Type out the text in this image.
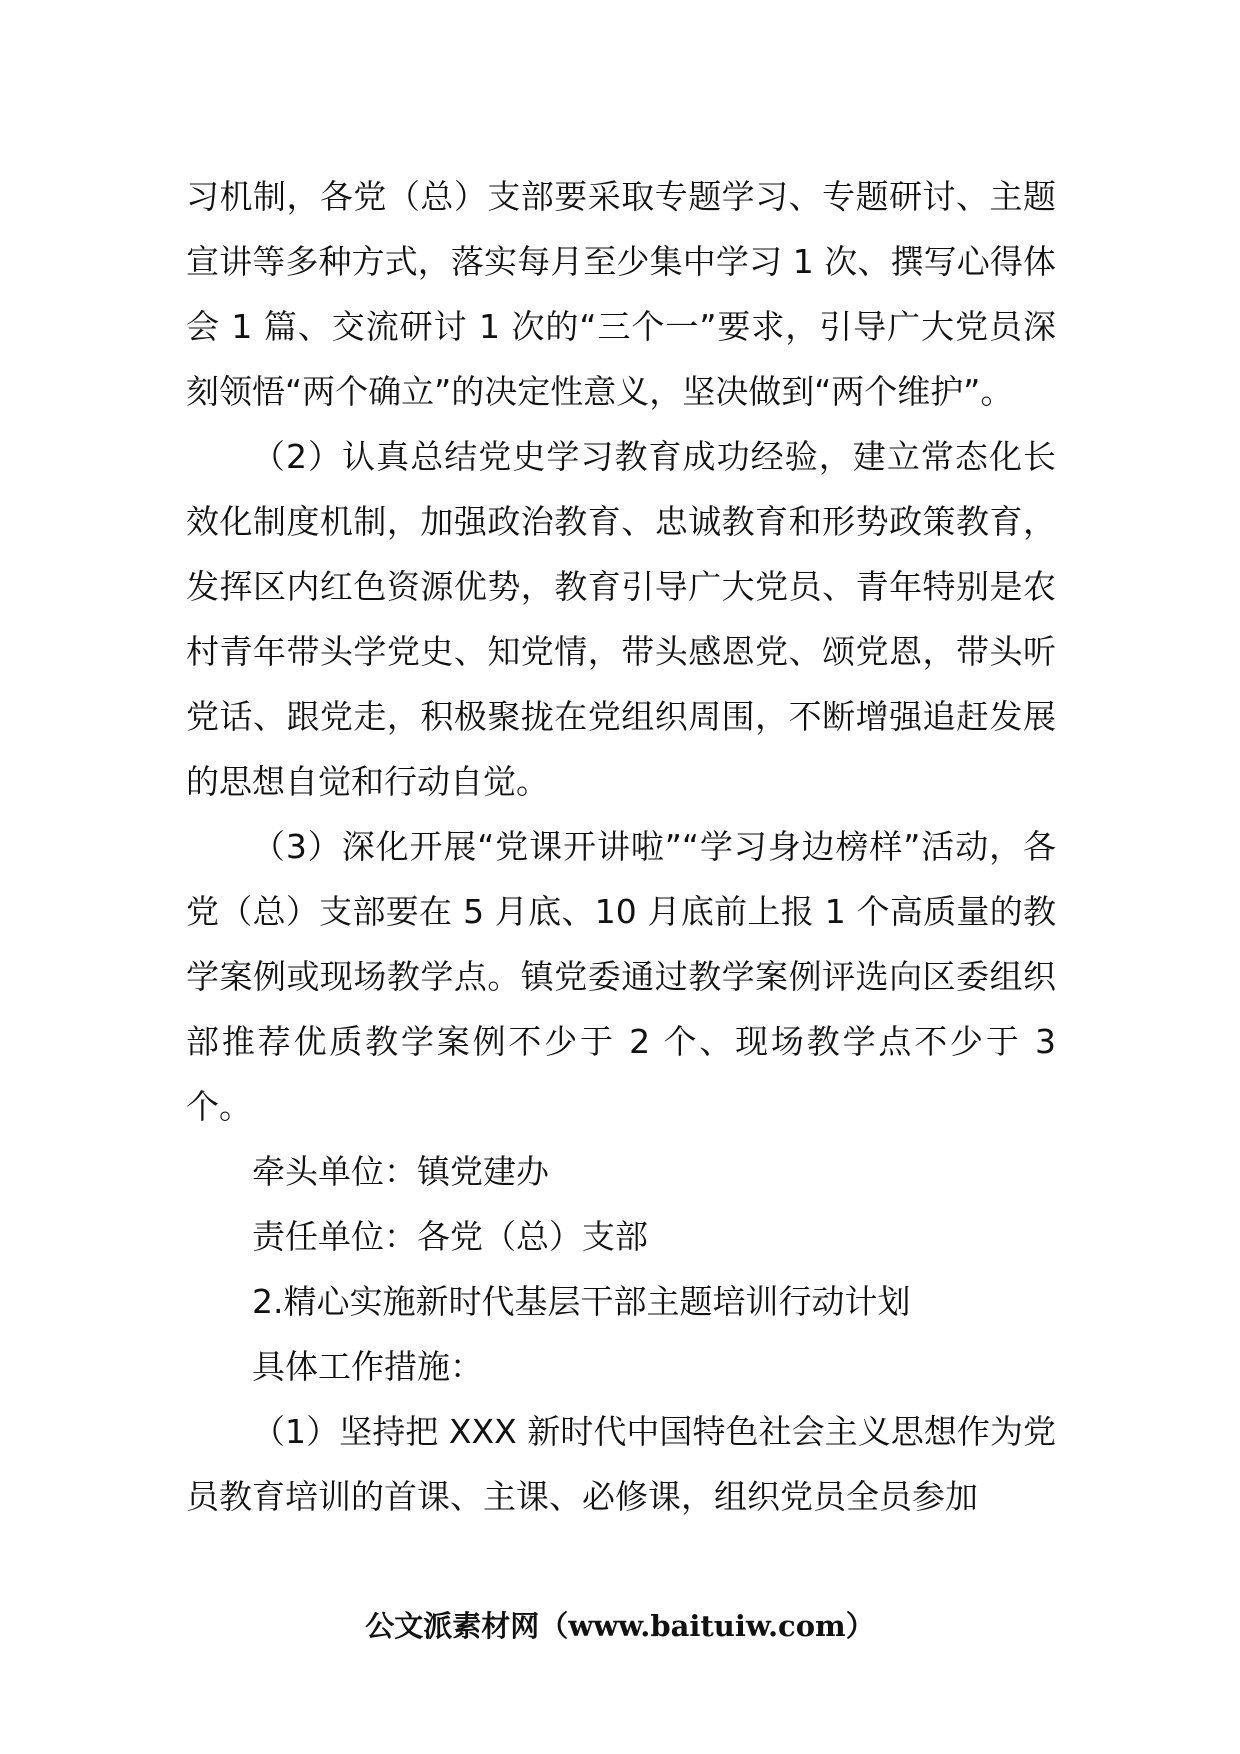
习机制，各党（总）支部要采取专题学习、专题研讨、主题宣讲等多种方式，落实每月至少集中学习 1 次、撰写心得体会 1 篇、交流研讨 1 次的“三个一”要求，引导广大党员深刻领悟“两个确立”的决定性意义，坚决做到“两个维护”。

（2）认真总结党史学习教育成功经验，建立常态化长效化制度机制，加强政治教育、忠诚教育和形势政策教育，发挥区内红色资源优势，教育引导广大党员、青年特别是农村青年带头学党史、知党情，带头感恩党、颂党恩，带头听党话、跟党走，积极聚拢在党组织周围，不断增强追赶发展的思想自觉和行动自觉。

（3）深化开展“党课开讲啦”“学习身边榜样”活动，各党（总）支部要在 5 月底、10 月底前上报 1 个高质量的教学案例或现场教学点。镇党委通过教学案例评选向区委组织部推荐优质教学案例不少于 2 个、现场教学点不少于 3 个。

牵头单位：镇党建办

责任单位：各党（总）支部

2.精心实施新时代基层干部主题培训行动计划

具体工作措施：

（1）坚持把 XXX 新时代中国特色社会主义思想作为党员教育培训的首课、主课、必修课，组织党员全员参加

公文派素材网（www.baituiw.com）
